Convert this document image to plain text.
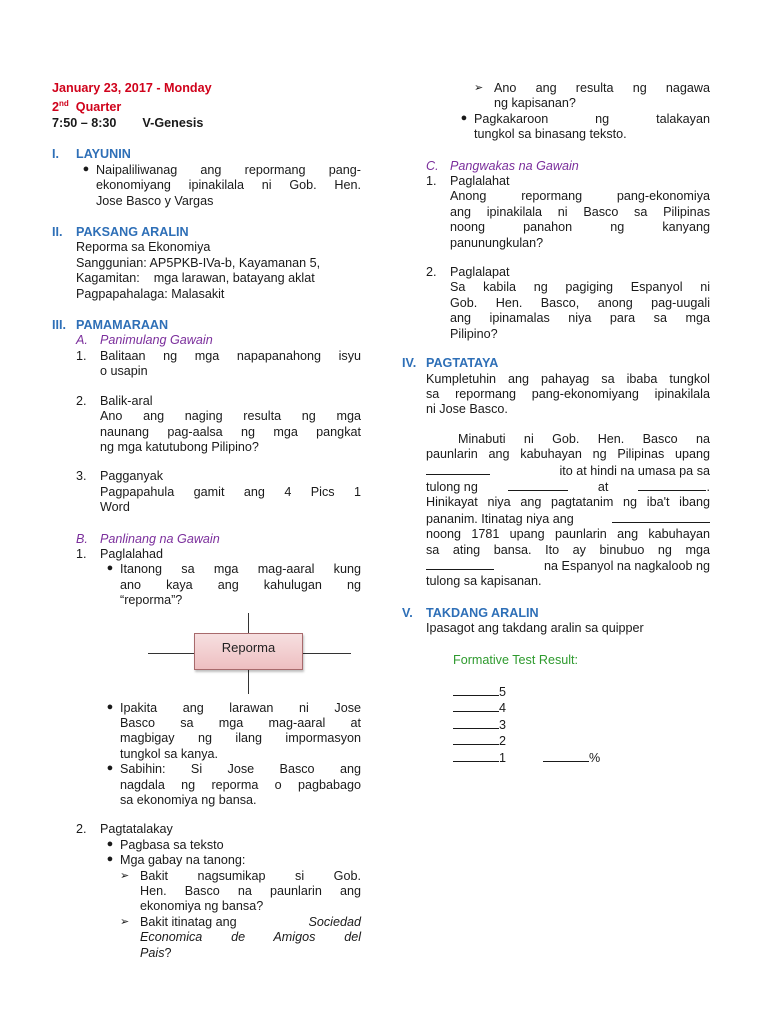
January 23, 2017 - Monday
2nd Quarter
7:50 – 8:30 V-Genesis
I.	LAYUNIN
● Naipaliliwanag ang repormang pang-
ekonomiyang ipinakilala ni Gob. Hen.
Jose Basco y Vargas
II.	PAKSANG ARALIN
Reporma sa Ekonomiya
Sanggunian: AP5PKB-IVa-b, Kayamanan 5,
Kagamitan:    mga larawan, batayang aklat
Pagpapahalaga: Malasakit
III. PAMAMARAAN
A. Panimulang Gawain
1.	Balitaan ng mga napapanahong isyu
o usapin
2.	Balik-aral
Ano ang naging resulta ng mga
naunang pag-aalsa ng mga pangkat
ng mga katutubong Pilipino?
3.	Pagganyak
Pagpapahula gamit ang 4 Pics 1
Word
B. Panlinang na Gawain
1.	Paglalahad
● Itanong sa mga mag-aaral kung
ano kaya ang kahulugan ng
“reporma”?
Reporma
● Ipakita ang larawan ni Jose
Basco sa mga mag-aaral at
magbigay ng ilang impormasyon
tungkol sa kanya.
● Sabihin: Si Jose Basco ang
nagdala ng reporma o pagbabago
sa ekonomiya ng bansa.
2.	Pagtatalakay
● Pagbasa sa teksto
● Mga gabay na tanong:
➢ Bakit nagsumikap si Gob.
Hen. Basco na paunlarin ang
ekonomiya ng bansa?
➢ Bakit itinatag ang	Sociedad
Economica de Amigos del
Pais?
➢ Ano ang resulta ng nagawa
ng kapisanan?
● Pagkakaroon ng talakayan
tungkol sa binasang teksto.
C. Pangwakas na Gawain
1.	Paglalahat
Anong repormang pang-ekonomiya
ang ipinakilala ni Basco sa Pilipinas
noong panahon ng kanyang
panunungkulan?
2.	Paglalapat
Sa kabila ng pagiging Espanyol ni
Gob. Hen. Basco, anong pag-uugali
ang ipinamalas niya para sa mga
Pilipino?
IV. PAGTATAYA
Kumpletuhin ang pahayag sa ibaba tungkol
sa repormang pang-ekonomiyang ipinakilala
ni Jose Basco.
Minabuti ni Gob. Hen. Basco na
paunlarin ang kabuhayan ng Pilipinas upang
ito at hindi na umasa pa sa
tulong ng	at	.
Hinikayat niya ang pagtatanim ng iba't ibang
pananim. Itinatag niya ang
noong 1781 upang paunlarin ang kabuhayan
sa ating bansa. Ito ay binubuo ng mga
na Espanyol na nagkaloob ng
tulong sa kapisanan.
V.	TAKDANG ARALIN
Ipasagot ang takdang aralin sa quipper
Formative Test Result:
5
4
3
2
1	%
